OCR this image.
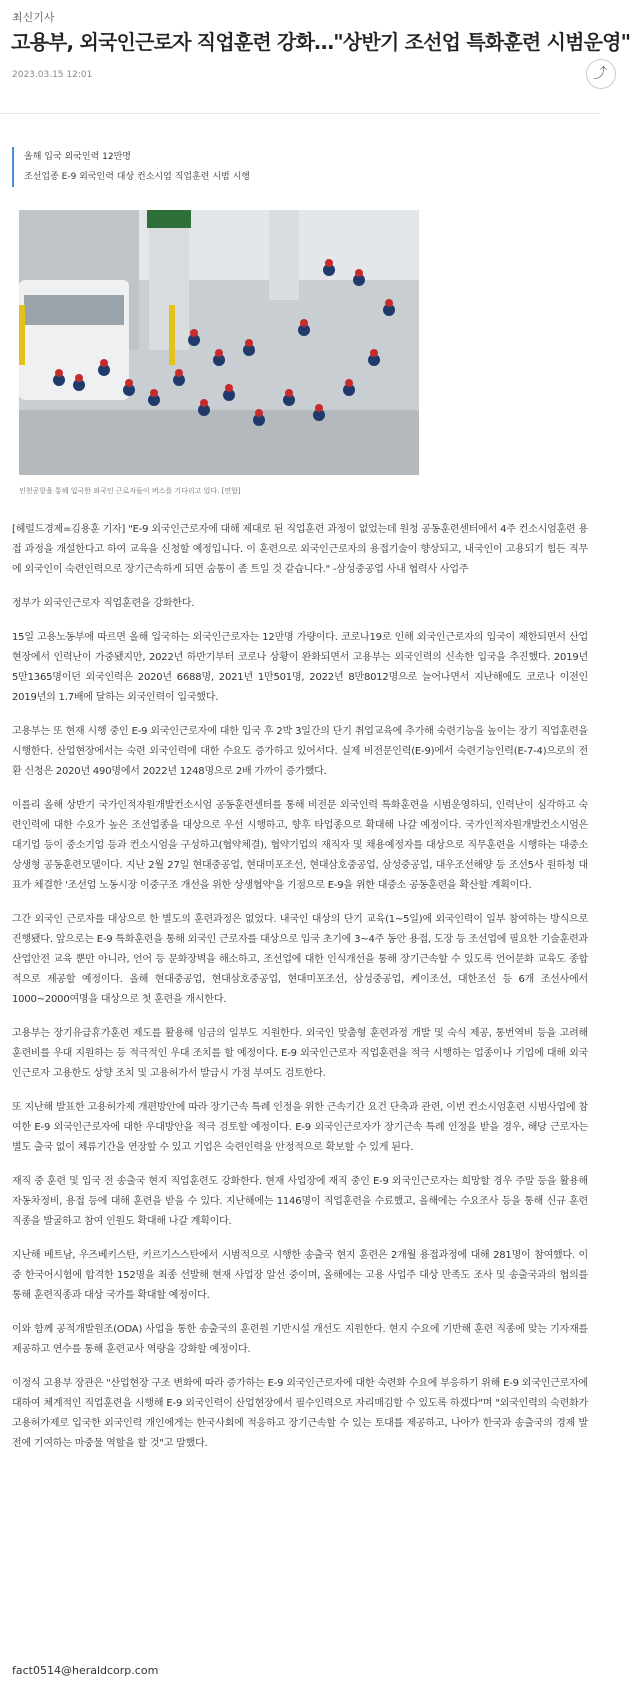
최신기사
고용부, 외국인근로자 직업훈련 강화…"상반기 조선업 특화훈련 시범운영"
2023.03.15 12:01	⤴

올해 입국 외국인력 12만명

조선업종 E-9 외국인력 대상 컨소시엄 직업훈련 시범 시행

인천공항을 통해 입국한 외국인 근로자들이 버스를 기다리고 있다. [연합]

[헤럴드경제=김용훈 기자] "E-9 외국인근로자에 대해 제대로 된 직업훈련 과정이 없었는데 원청 공동훈련센터에서 4주 컨소시엄훈련 용접 과정을 개설한다고 하여 교육을 신청할 예정입니다. 이 훈련으로 외국인근로자의 용접기술이 향상되고, 내국인이 고용되기 힘든 직무에 외국인이 숙련인력으로 장기근속하게 되면 숨통이 좀 트일 것 같습니다." -삼성중공업 사내 협력사 사업주

정부가 외국인근로자 직업훈련을 강화한다.

15일 고용노동부에 따르면 올해 입국하는 외국인근로자는 12만명 가량이다. 코로나19로 인해 외국인근로자의 입국이 제한되면서 산업현장에서 인력난이 가중됐지만, 2022년 하반기부터 코로나 상황이 완화되면서 고용부는 외국인력의 신속한 입국을 추진했다. 2019년 5만1365명이던 외국인력은 2020년 6688명, 2021년 1만501명, 2022년 8만8012명으로 늘어나면서 지난해에도 코로나 이전인 2019년의 1.7배에 달하는 외국인력이 입국했다.

고용부는 또 현재 시행 중인 E-9 외국인근로자에 대한 입국 후 2박 3일간의 단기 취업교육에 추가해 숙련기능을 높이는 장기 직업훈련을 시행한다. 산업현장에서는 숙련 외국인력에 대한 수요도 증가하고 있어서다. 실제 비전문인력(E-9)에서 숙련기능인력(E-7-4)으로의 전환 신청은 2020년 490명에서 2022년 1248명으로 2배 가까이 증가했다.

이를리 올해 상반기 국가인적자원개발컨소시엄 공동훈련센터를 통해 비전문 외국인력 특화훈련을 시범운영하되, 인력난이 심각하고 숙련인력에 대한 수요가 높은 조선업종을 대상으로 우선 시행하고, 향후 타업종으로 확대해 나갈 예정이다. 국가인적자원개발컨소시엄은 대기업 등이 중소기업 등과 컨소시엄을 구성하고(협약체결), 협약기업의 재직자 및 채용예정자를 대상으로 직무훈련을 시행하는 대중소상생형 공동훈련모델이다. 지난 2월 27일 현대중공업, 현대미포조선, 현대삼호중공업, 삼성중공업, 대우조선해양 등 조선5사 원하청 대표가 체결한 '조선업 노동시장 이중구조 개선을 위한 상생협약'을 기점으로 E-9을 위한 대중소 공동훈련을 확산할 계획이다.

그간 외국인 근로자를 대상으로 한 별도의 훈련과정은 없었다. 내국인 대상의 단기 교육(1~5일)에 외국인력이 일부 참여하는 방식으로 진행됐다. 앞으로는 E-9 특화훈련을 통해 외국인 근로자를 대상으로 입국 초기에 3~4주 동안 용접, 도장 등 조선업에 필요한 기술훈련과 산업안전 교육 뿐만 아니라, 언어 등 문화장벽을 해소하고, 조선업에 대한 인식개선을 통해 장기근속할 수 있도록 언어문화 교육도 종합적으로 제공할 예정이다. 올해 현대중공업, 현대삼호중공업, 현대미포조선, 삼성중공업, 케이조선, 대한조선 등 6개 조선사에서 1000~2000여명을 대상으로 첫 훈련을 개시한다.

고용부는 장기유급휴가훈련 제도를 활용해 임금의 일부도 지원한다. 외국인 맞춤형 훈련과정 개발 및 숙식 제공, 통번역비 등을 고려해 훈련비를 우대 지원하는 등 적극적인 우대 조치를 할 예정이다. E-9 외국인근로자 직업훈련을 적극 시행하는 업종이나 기업에 대해 외국인근로자 고용한도 상향 조치 및 고용허가서 발급시 가점 부여도 검토한다.

또 지난해 발표한 고용허가제 개편방안에 따라 장기근속 특례 인정을 위한 근속기간 요건 단축과 관련, 이번 컨소시엄훈련 시범사업에 참여한 E-9 외국인근로자에 대한 우대방안을 적극 검토할 예정이다. E-9 외국인근로자가 장기근속 특례 인정을 받을 경우, 해당 근로자는 별도 출국 없이 체류기간을 연장할 수 있고 기업은 숙련인력을 안정적으로 확보할 수 있게 된다.

재직 중 훈련 및 입국 전 송출국 현지 직업훈련도 강화한다. 현재 사업장에 재직 중인 E-9 외국인근로자는 희망할 경우 주말 등을 활용해 자동차정비, 용접 등에 대해 훈련을 받을 수 있다. 지난해에는 1146명이 직업훈련을 수료했고, 올해에는 수요조사 등을 통해 신규 훈련직종을 발굴하고 참여 인원도 확대해 나갈 계획이다.

지난해 베트남, 우즈베키스탄, 키르기스스탄에서 시범적으로 시행한 송출국 현지 훈련은 2개월 용접과정에 대해 281명이 참여했다. 이 중 한국어시험에 합격한 152명을 최종 선발해 현재 사업장 알선 중이며, 올해에는 고용 사업주 대상 만족도 조사 및 송출국과의 협의를 통해 훈련직종과 대상 국가를 확대할 예정이다.

이와 함께 공적개발원조(ODA) 사업을 통한 송출국의 훈련원 기반시설 개선도 지원한다. 현지 수요에 기반해 훈련 직종에 맞는 기자재를 제공하고 연수를 통해 훈련교사 역량을 강화할 예정이다.

이정식 고용부 장관은 "산업현장 구조 변화에 따라 증가하는 E-9 외국인근로자에 대한 숙련화 수요에 부응하기 위해 E-9 외국인근로자에 대하여 체계적인 직업훈련을 시행해 E-9 외국인력이 산업현장에서 필수인력으로 자리매김할 수 있도록 하겠다"며 "외국인력의 숙련화가 고용허가제로 입국한 외국인력 개인에게는 한국사회에 적응하고 장기근속할 수 있는 토대를 제공하고, 나아가 한국과 송출국의 경제 발전에 기여하는 마중물 역할을 할 것"고 말했다.

fact0514@heraldcorp.com
